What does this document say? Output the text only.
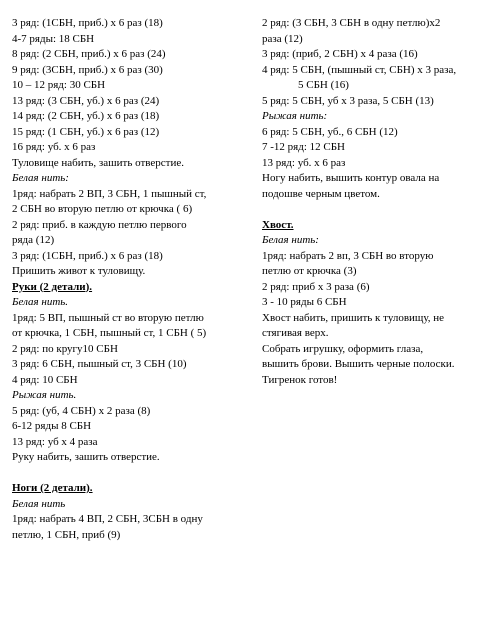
3 ряд: (1СБН, приб.) х 6 раз (18)
4-7 ряды: 18 СБН
8 ряд: (2 СБН, приб.) х 6 раз (24)
9 ряд: (3СБН, приб.) х 6 раз (30)
10 – 12 ряд: 30 СБН
13 ряд: (3 СБН, уб.) х 6 раз (24)
14 ряд: (2 СБН, уб.) х 6 раз (18)
15 ряд: (1 СБН, уб.) х 6 раз (12)
16 ряд: уб. х 6 раз
Туловище набить, зашить отверстие.
Белая нить:
1ряд: набрать 2 ВП, 3 СБН, 1 пышный ст,
2 СБН во вторую петлю от крючка ( 6)
2 ряд: приб. в каждую петлю первого
ряда (12)
3 ряд: (1СБН, приб.) х 6 раз (18)
Пришить живот к туловищу.
Руки (2 детали).
Белая нить.
1ряд: 5 ВП, пышный ст во вторую петлю
от крючка, 1 СБН, пышный ст, 1 СБН ( 5)
2 ряд: по кругу10 СБН
3 ряд: 6 СБН, пышный ст, 3 СБН (10)
4 ряд: 10 СБН
Рыжая нить.
5 ряд: (уб, 4 СБН) х 2 раза (8)
6-12 ряды 8 СБН
13 ряд: уб х 4 раза
Руку набить, зашить отверстие.
Ноги (2 детали).
Белая нить
1ряд: набрать 4 ВП, 2 СБН, 3СБН в одну
петлю, 1 СБН, приб (9)
2 ряд: (3 СБН, 3 СБН в одну петлю)х2
раза (12)
3 ряд: (приб, 2 СБН) х 4 раза (16)
4 ряд: 5 СБН, (пышный ст, СБН) х 3 раза,
5 СБН (16)
5 ряд: 5 СБН, уб х 3 раза, 5 СБН (13)
Рыжая нить:
6 ряд: 5 СБН, уб., 6 СБН (12)
7 -12 ряд: 12 СБН
13 ряд: уб. х 6 раз
Ногу набить, вышить контур овала на
подошве черным цветом.
Хвост.
Белая нить:
1ряд: набрать 2 вп, 3 СБН во вторую
петлю от крючка (3)
2 ряд: приб х 3 раза (6)
3 - 10 ряды 6 СБН
Хвост набить, пришить к туловищу, не
стягивая верх.
Собрать игрушку, оформить глаза,
вышить брови. Вышить черные полоски.
Тигренок готов!
